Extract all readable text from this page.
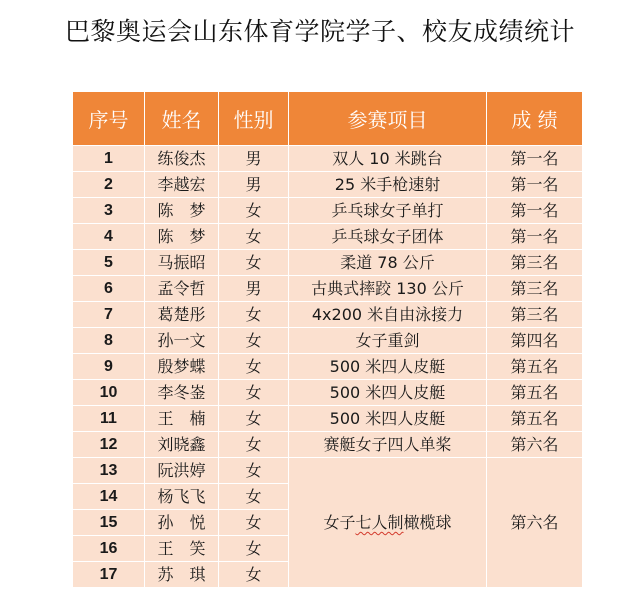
巴黎奥运会山东体育学院学子、校友成绩统计
序号	姓名	性别	参赛项目	成 绩
1	练俊杰	男	双人 10 米跳台	第一名
2	李越宏	男	25 米手枪速射	第一名
3	陈　梦	女	乒乓球女子单打	第一名
4	陈　梦	女	乒乓球女子团体	第一名
5	马振昭	女	柔道 78 公斤	第三名
6	孟令哲	男	古典式摔跤 130 公斤	第三名
7	葛楚彤	女	4x200 米自由泳接力	第三名
8	孙一文	女	女子重剑	第四名
9	殷梦蝶	女	500 米四人皮艇	第五名
10	李冬崟	女	500 米四人皮艇	第五名
11	王　楠	女	500 米四人皮艇	第五名
12	刘晓鑫	女	赛艇女子四人单桨	第六名
13	阮洪婷	女	女子七人制橄榄球	第六名
14	杨飞飞	女		
15	孙　悦	女		
16	王　笑	女		
17	苏　琪	女		
